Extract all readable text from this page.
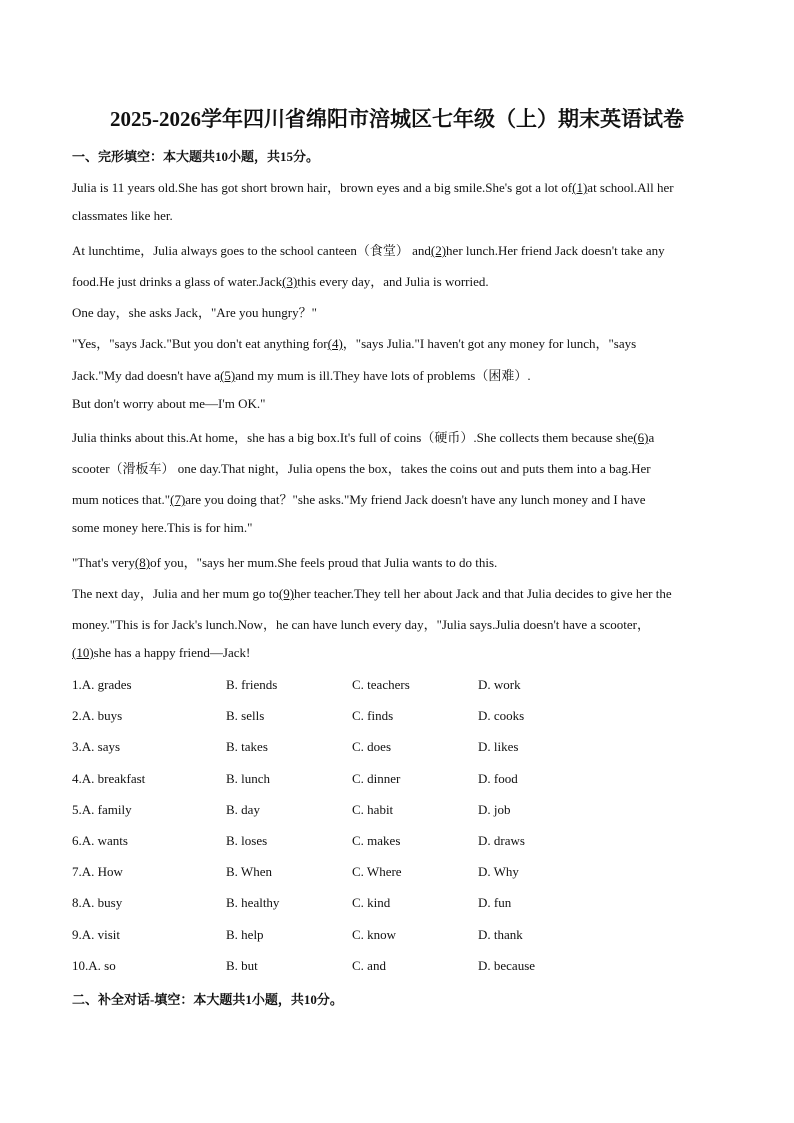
2025-2026学年四川省绵阳市涪城区七年级（上）期末英语试卷
一、完形填空：本大题共10小题，共15分。
Julia is 11 years old.She has got short brown hair，brown eyes and a big smile.She's got a lot of(1)at school.All her
classmates like her.
At lunchtime，Julia always goes to the school canteen（食堂） and(2)her lunch.Her friend Jack doesn't take any
food.He just drinks a glass of water.Jack(3)this every day，and Julia is worried.
One day，she asks Jack，"Are you hungry？"
"Yes，"says Jack."But you don't eat anything for(4)，"says Julia."I haven't got any money for lunch，"says
Jack."My dad doesn't have a(5)and my mum is ill.They have lots of problems（困难）.
But don't worry about me—I'm OK."
Julia thinks about this.At home，she has a big box.It's full of coins（硬币）.She collects them because she(6)a
scooter（滑板车） one day.That night，Julia opens the box，takes the coins out and puts them into a bag.Her
mum notices that."(7)are you doing that？"she asks."My friend Jack doesn't have any lunch money and I have
some money here.This is for him."
"That's very(8)of you，"says her mum.She feels proud that Julia wants to do this.
The next day，Julia and her mum go to(9)her teacher.They tell her about Jack and that Julia decides to give her the
money."This is for Jack's lunch.Now，he can have lunch every day，"Julia says.Julia doesn't have a scooter，
(10)she has a happy friend—Jack!
1.A. grades	B. friends	C. teachers	D. work
2.A. buys	B. sells	C. finds	D. cooks
3.A. says	B. takes	C. does	D. likes
4.A. breakfast	B. lunch	C. dinner	D. food
5.A. family	B. day	C. habit	D. job
6.A. wants	B. loses	C. makes	D. draws
7.A. How	B. When	C. Where	D. Why
8.A. busy	B. healthy	C. kind	D. fun
9.A. visit	B. help	C. know	D. thank
10.A. so	B. but	C. and	D. because
二、补全对话-填空：本大题共1小题，共10分。
